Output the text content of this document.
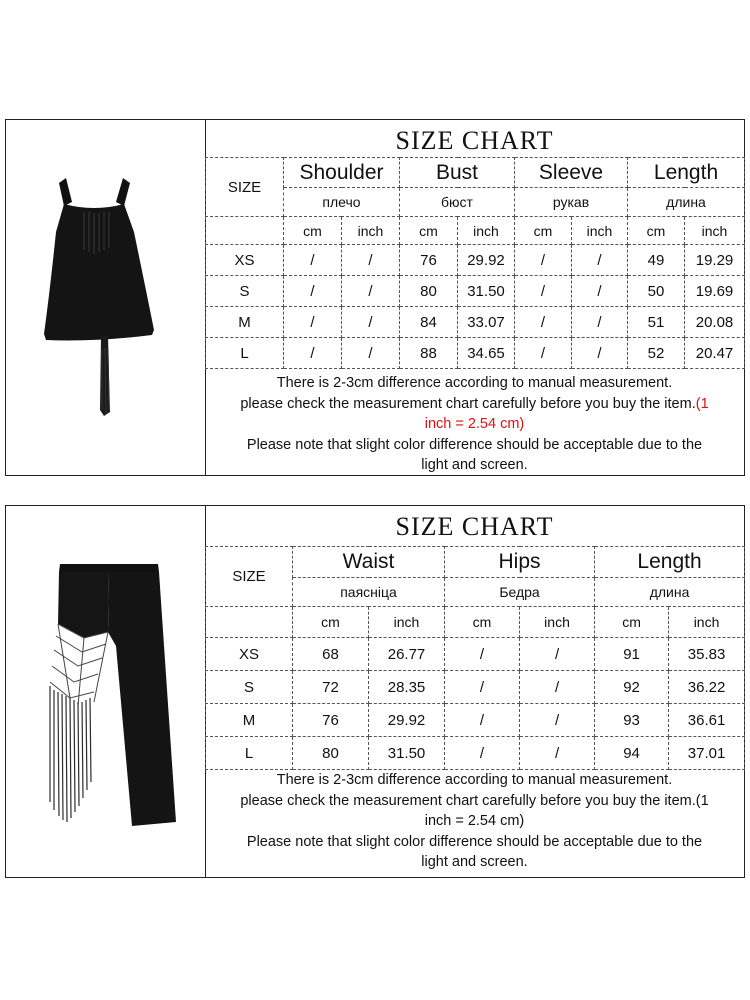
SIZE CHART
SIZE	Shoulder		Bust		Sleeve		Length	
	плечо		бюст		рукав		длина	
	cm	inch	cm	inch	cm	inch	cm	inch
XS	/	/	76	29.92	/	/	49	19.29
S	/	/	80	31.50	/	/	50	19.69
M	/	/	84	33.07	/	/	51	20.08
L	/	/	88	34.65	/	/	52	20.47

There is 2-3cm difference according to manual measurement.

please check the measurement chart carefully before you buy the item.(1

inch = 2.54 cm)

Please note that slight color difference should be acceptable due to the

light and screen.

SIZE CHART
SIZE	Waist		Hips		Length	
	паясніца		Бедра		длина	
	cm	inch	cm	inch	cm	inch
XS	68	26.77	/	/	91	35.83
S	72	28.35	/	/	92	36.22
M	76	29.92	/	/	93	36.61
L	80	31.50	/	/	94	37.01

There is 2-3cm difference according to manual measurement.

please check the measurement chart carefully before you buy the item.(1

inch = 2.54 cm)

Please note that slight color difference should be acceptable due to the

light and screen.
